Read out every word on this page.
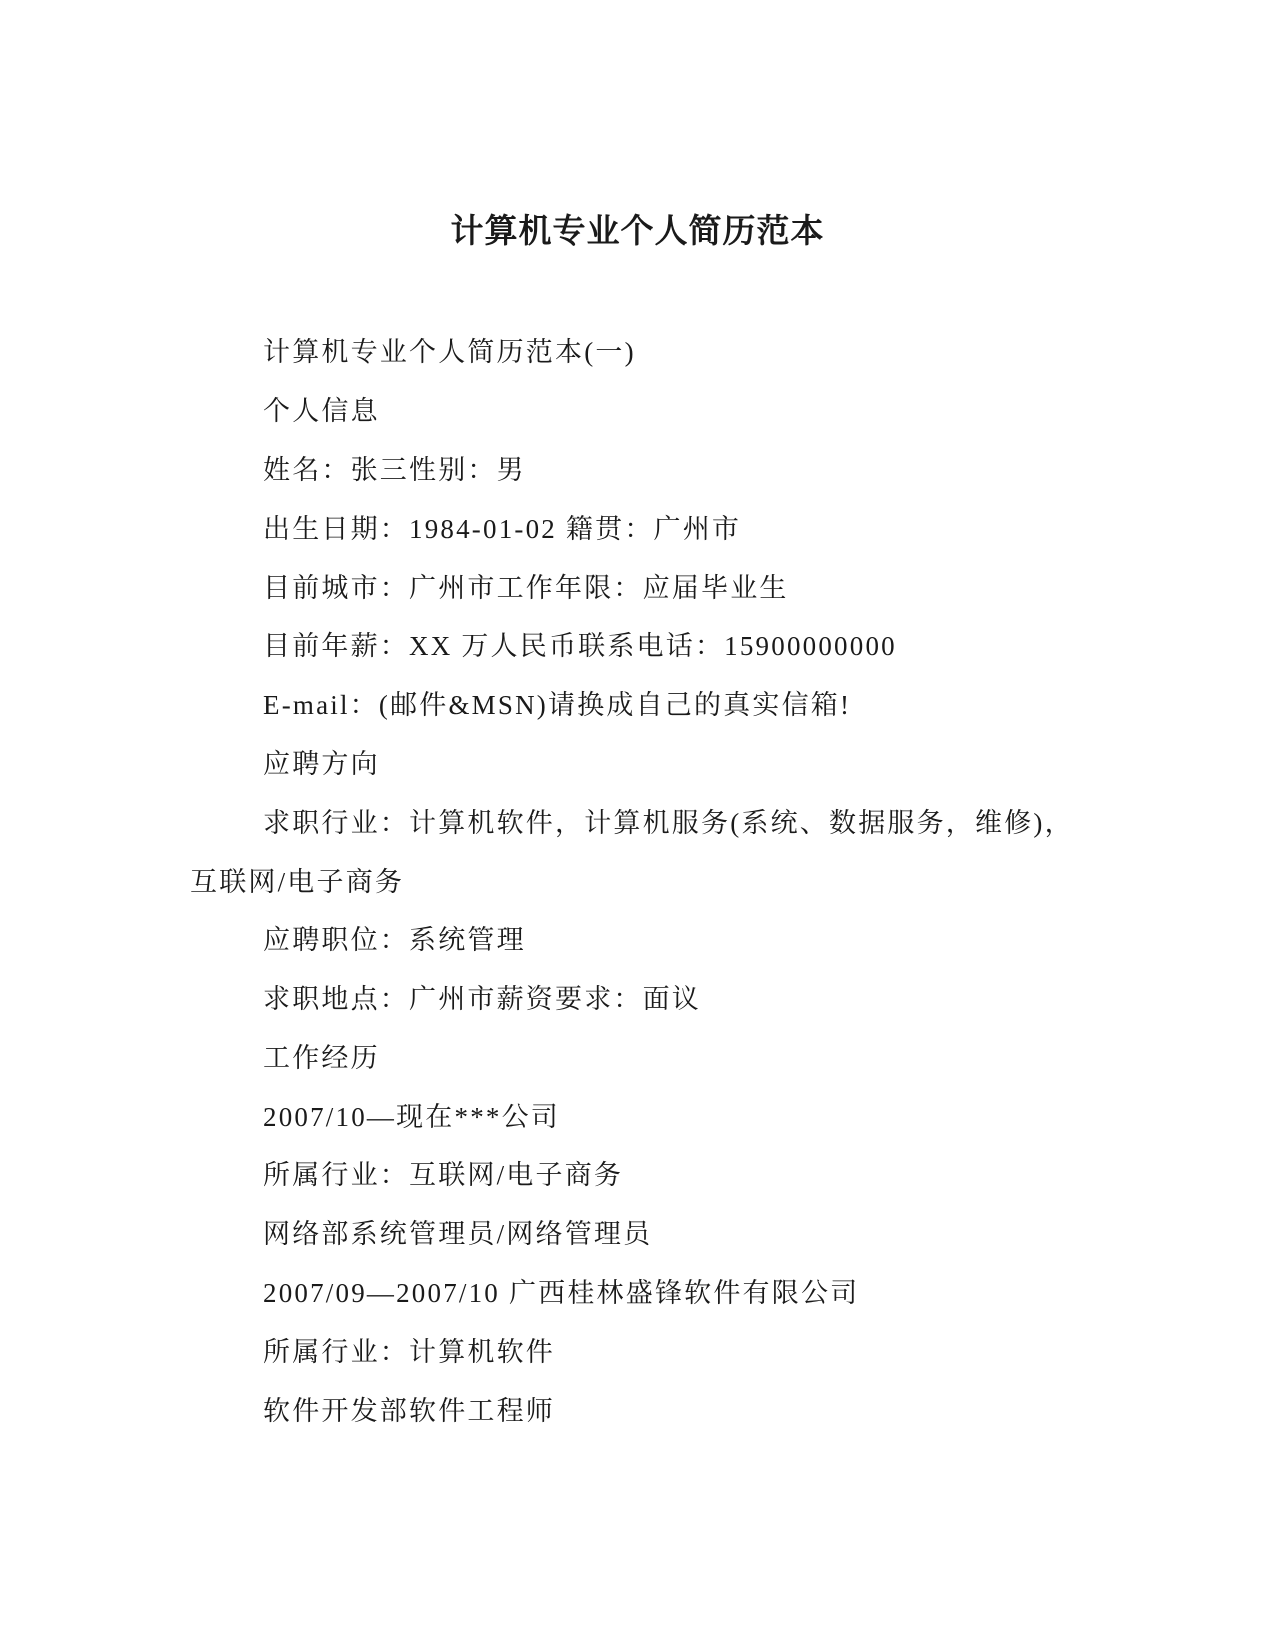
计算机专业个人简历范本

计算机专业个人简历范本(一)

个人信息

姓名：张三性别：男

出生日期：1984-01-02 籍贯：广州市

目前城市：广州市工作年限：应届毕业生

目前年薪：XX 万人民币联系电话：15900000000

E-mail：(邮件&MSN)请换成自己的真实信箱!

应聘方向

求职行业：计算机软件，计算机服务(系统、数据服务，维修)，

互联网/电子商务

应聘职位：系统管理

求职地点：广州市薪资要求：面议

工作经历

2007/10—现在***公司

所属行业：互联网/电子商务

网络部系统管理员/网络管理员

2007/09—2007/10 广西桂林盛锋软件有限公司

所属行业：计算机软件

软件开发部软件工程师
